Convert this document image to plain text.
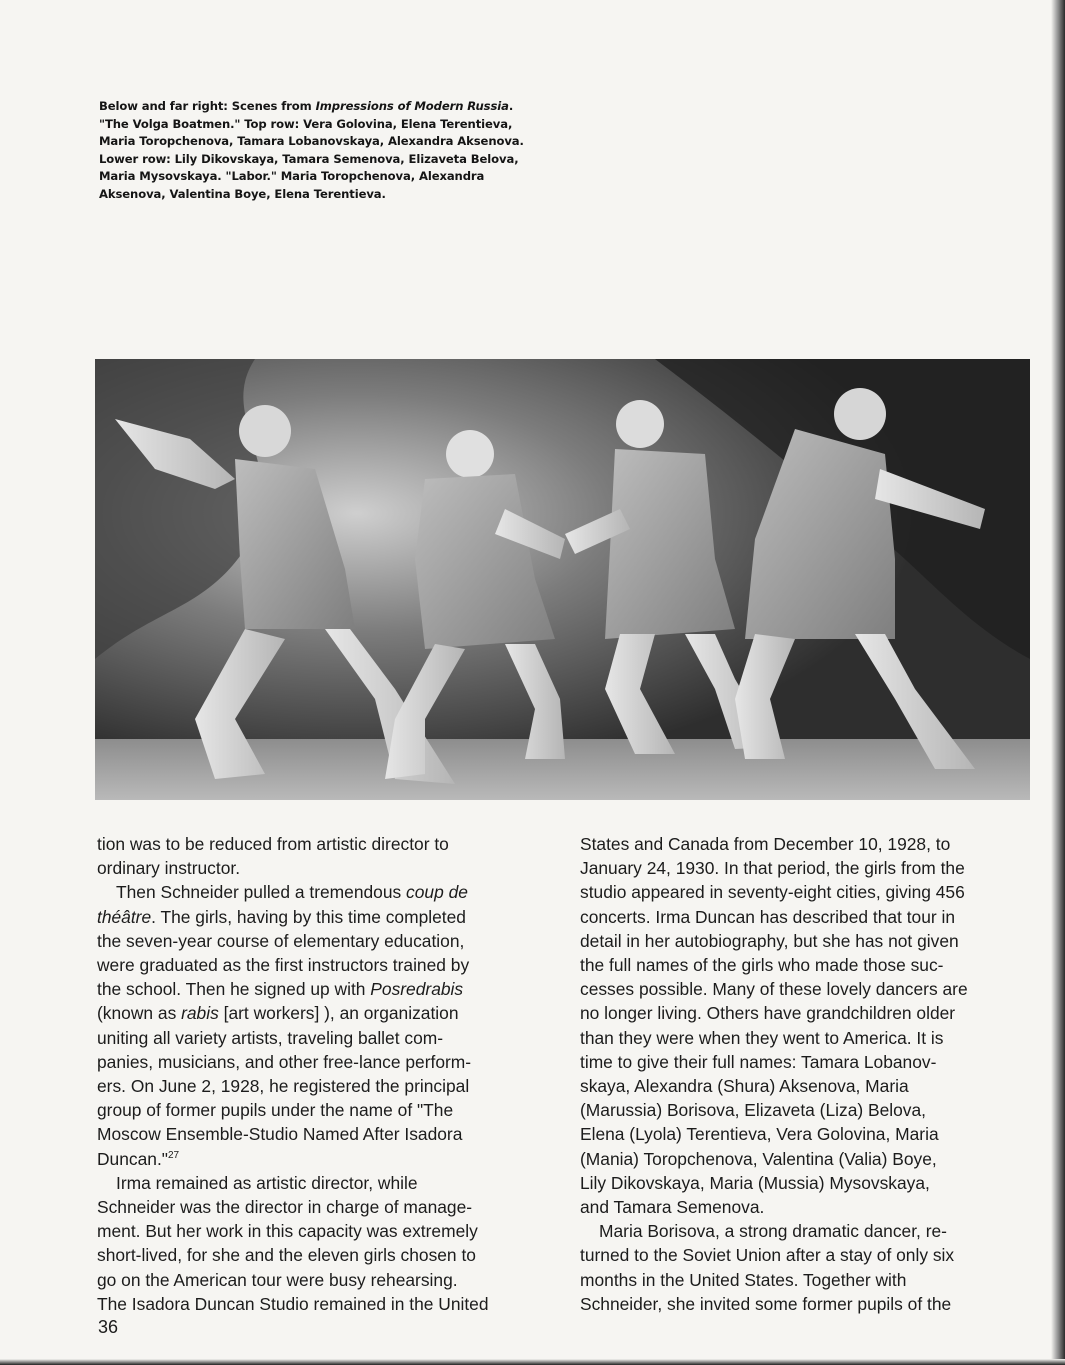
Below and far right: Scenes from Impressions of Modern Russia.
"The Volga Boatmen." Top row: Vera Golovina, Elena Terentieva,
Maria Toropchenova, Tamara Lobanovskaya, Alexandra Aksenova.
Lower row: Lily Dikovskaya, Tamara Semenova, Elizaveta Belova,
Maria Mysovskaya. "Labor." Maria Toropchenova, Alexandra
Aksenova, Valentina Boye, Elena Terentieva.

tion was to be reduced from artistic director to
ordinary instructor.

Then Schneider pulled a tremendous coup de
théâtre. The girls, having by this time completed
the seven-year course of elementary education,
were graduated as the first instructors trained by
the school. Then he signed up with Posredrabis
(known as rabis [art workers] ), an organization
uniting all variety artists, traveling ballet com-
panies, musicians, and other free-lance perform-
ers. On June 2, 1928, he registered the principal
group of former pupils under the name of "The
Moscow Ensemble-Studio Named After Isadora
Duncan."$^{27}$

Irma remained as artistic director, while
Schneider was the director in charge of manage-
ment. But her work in this capacity was extremely
short-lived, for she and the eleven girls chosen to
go on the American tour were busy rehearsing.
The Isadora Duncan Studio remained in the United

States and Canada from December 10, 1928, to
January 24, 1930. In that period, the girls from the
studio appeared in seventy-eight cities, giving 456
concerts. Irma Duncan has described that tour in
detail in her autobiography, but she has not given
the full names of the girls who made those suc-
cesses possible. Many of these lovely dancers are
no longer living. Others have grandchildren older
than they were when they went to America. It is
time to give their full names: Tamara Lobanov-
skaya, Alexandra (Shura) Aksenova, Maria
(Marussia) Borisova, Elizaveta (Liza) Belova,
Elena (Lyola) Terentieva, Vera Golovina, Maria
(Mania) Toropchenova, Valentina (Valia) Boye,
Lily Dikovskaya, Maria (Mussia) Mysovskaya,
and Tamara Semenova.

Maria Borisova, a strong dramatic dancer, re-
turned to the Soviet Union after a stay of only six
months in the United States. Together with
Schneider, she invited some former pupils of the

36
